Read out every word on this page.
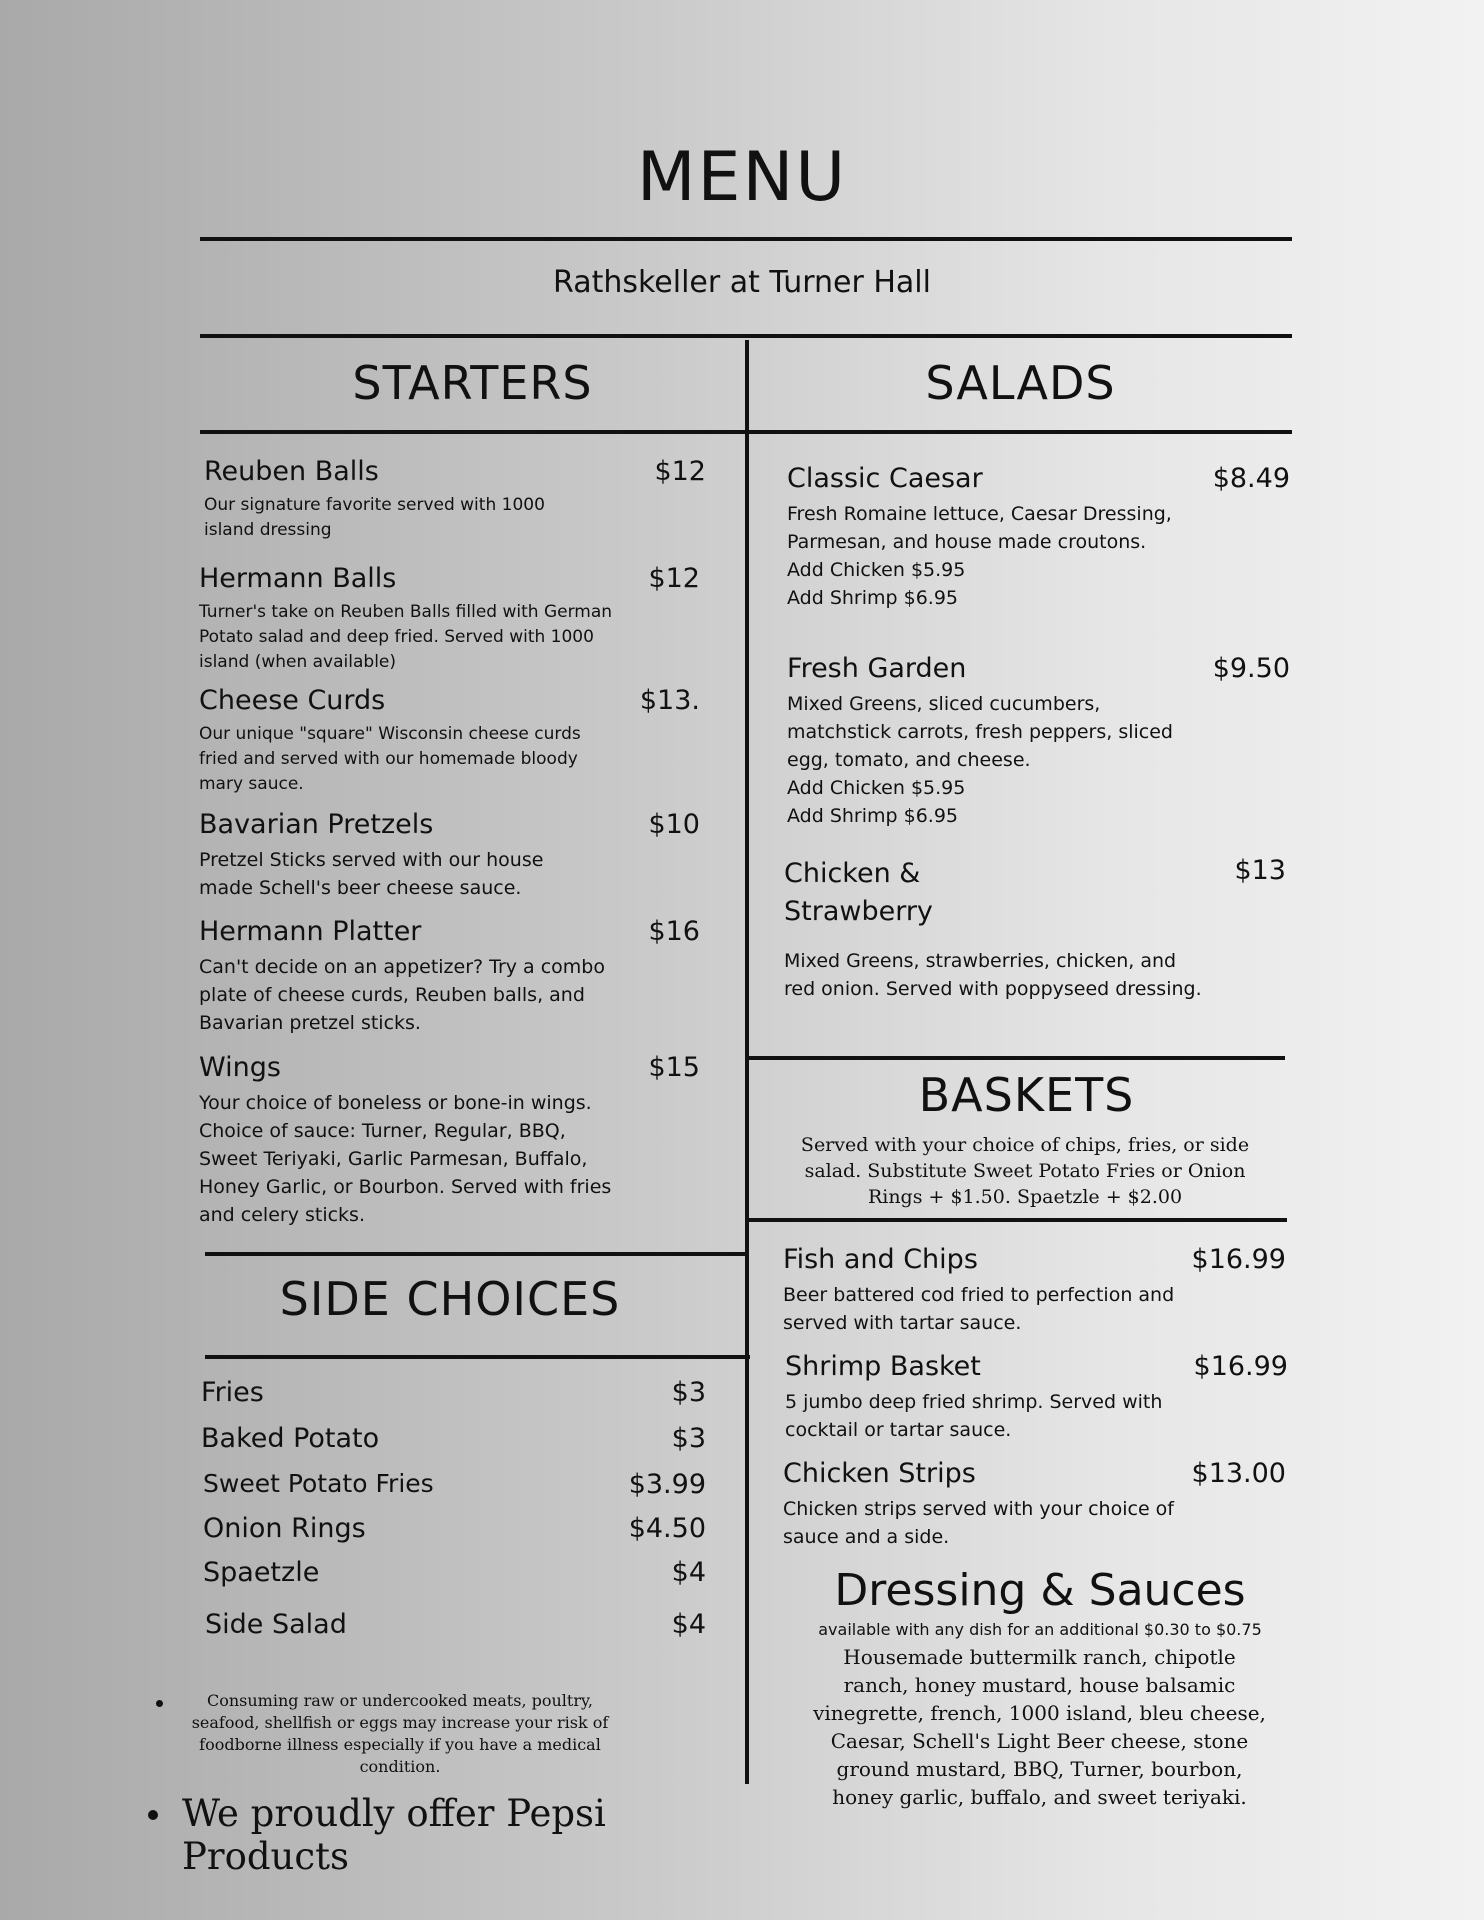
MENU
Rathskeller at Turner Hall
STARTERS
Reuben Balls
Our signature favorite served with 1000 island dressing
$12
Hermann Balls
Turner's take on Reuben Balls filled with German Potato salad and deep fried. Served with 1000 island (when available)
$12
Cheese Curds
Our unique "square" Wisconsin cheese curds fried and served with our homemade bloody mary sauce.
$13.
Bavarian Pretzels
Pretzel Sticks served with our house made Schell's beer cheese sauce.
$10
Hermann Platter
Can't decide on an appetizer? Try a combo plate of cheese curds, Reuben balls, and Bavarian pretzel sticks.
$16
Wings
Your choice of boneless or bone-in wings. Choice of sauce: Turner, Regular, BBQ, Sweet Teriyaki, Garlic Parmesan, Buffalo, Honey Garlic, or Bourbon. Served with fries and celery sticks.
$15
SIDE CHOICES
Fries	$3
Baked Potato	$3
Sweet Potato Fries	$3.99
Onion Rings	$4.50
Spaetzle	$4
Side Salad	$4
Consuming raw or undercooked meats, poultry, seafood, shellfish or eggs may increase your risk of foodborne illness especially if you have a medical condition.
We proudly offer Pepsi Products
SALADS
Classic Caesar
Fresh Romaine lettuce, Caesar Dressing, Parmesan, and house made croutons.
Add Chicken $5.95
Add Shrimp $6.95
$8.49
Fresh Garden
Mixed Greens, sliced cucumbers, matchstick carrots, fresh peppers, sliced egg, tomato, and cheese.
Add Chicken $5.95
Add Shrimp $6.95
$9.50
Chicken & Strawberry
Mixed Greens, strawberries, chicken, and red onion. Served with poppyseed dressing.
$13
BASKETS
Served with your choice of chips, fries, or side salad. Substitute Sweet Potato Fries or Onion Rings + $1.50. Spaetzle + $2.00
Fish and Chips
Beer battered cod fried to perfection and served with tartar sauce.
$16.99
Shrimp Basket
5 jumbo deep fried shrimp. Served with cocktail or tartar sauce.
$16.99
Chicken Strips
Chicken strips served with your choice of sauce and a side.
$13.00
Dressing & Sauces
available with any dish for an additional $0.30 to $0.75
Housemade buttermilk ranch, chipotle ranch, honey mustard, house balsamic vinegrette, french, 1000 island, bleu cheese, Caesar, Schell's Light Beer cheese, stone ground mustard, BBQ, Turner, bourbon, honey garlic, buffalo, and sweet teriyaki.
